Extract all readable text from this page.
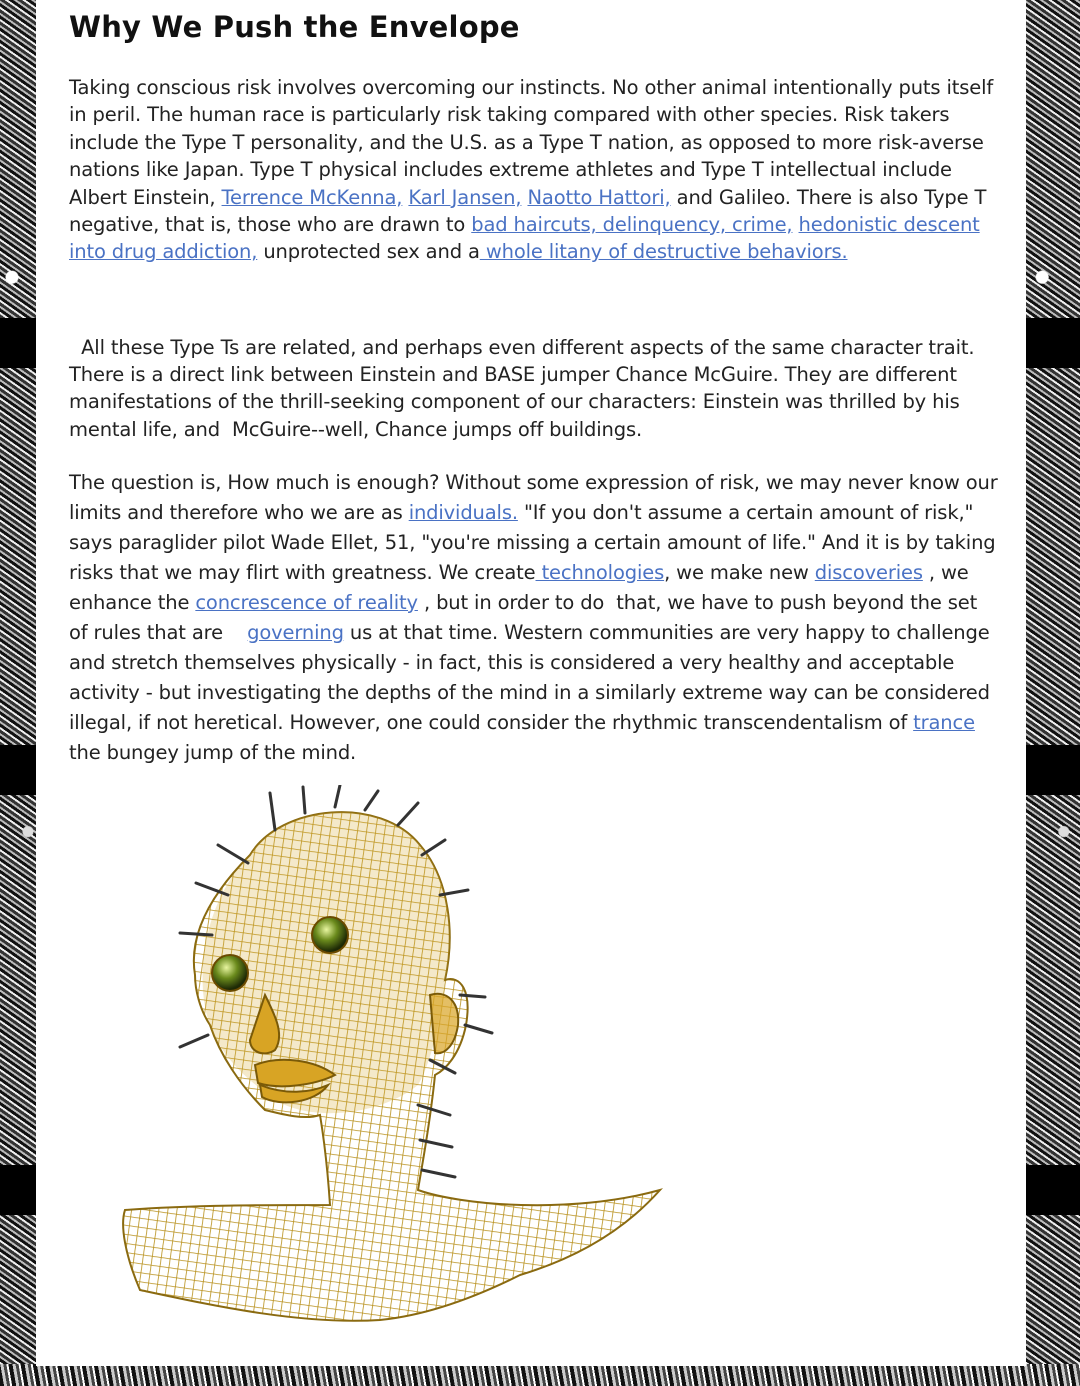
Why We Push the Envelope
Taking conscious risk involves overcoming our instincts. No other animal intentionally puts itself in peril. The human race is particularly risk taking compared with other species. Risk takers include the Type T personality, and the U.S. as a Type T nation, as opposed to more risk-averse nations like Japan. Type T physical includes extreme athletes and Type T intellectual include Albert Einstein, Terrence McKenna, Karl Jansen, Naotto Hattori, and Galileo. There is also Type T negative, that is, those who are drawn to bad haircuts, delinquency, crime, hedonistic descent into drug addiction, unprotected sex and a whole litany of destructive behaviors.
All these Type Ts are related, and perhaps even different aspects of the same character trait. There is a direct link between Einstein and BASE jumper Chance McGuire. They are different manifestations of the thrill-seeking component of our characters: Einstein was thrilled by his mental life, and  McGuire--well, Chance jumps off buildings.
The question is, How much is enough? Without some expression of risk, we may never know our limits and therefore who we are as individuals. "If you don't assume a certain amount of risk," says paraglider pilot Wade Ellet, 51, "you're missing a certain amount of life." And it is by taking risks that we may flirt with greatness. We create technologies, we make new discoveries , we enhance the concrescence of reality , but in order to do  that, we have to push beyond the set of rules that are    governing us at that time. Western communities are very happy to challenge and stretch themselves physically - in fact, this is considered a very healthy and acceptable activity - but investigating the depths of the mind in a similarly extreme way can be considered illegal, if not heretical. However, one could consider the rhythmic transcendentalism of trance the bungey jump of the mind.
